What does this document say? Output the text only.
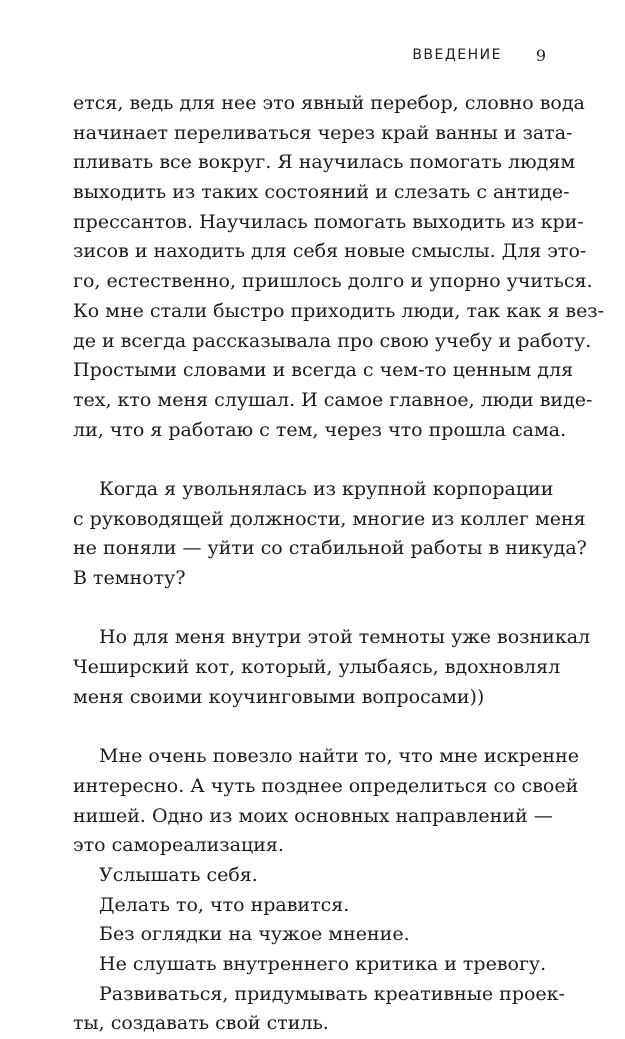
ВВЕДЕНИЕ 9
ется, ведь для нее это явный перебор, словно вода
начинает переливаться через край ванны и зата-
пливать все вокруг. Я научилась помогать людям
выходить из таких состояний и слезать с антиде-
прессантов. Научилась помогать выходить из кри-
зисов и находить для себя новые смыслы. Для это-
го, естественно, пришлось долго и упорно учиться.
Ко мне стали быстро приходить люди, так как я вез-
де и всегда рассказывала про свою учебу и работу.
Простыми словами и всегда с чем-то ценным для
тех, кто меня слушал. И самое главное, люди виде-
ли, что я работаю с тем, через что прошла сама.
Когда я увольнялась из крупной корпорации
с руководящей должности, многие из коллег меня
не поняли — уйти со стабильной работы в никуда?
В темноту?
Но для меня внутри этой темноты уже возникал
Чеширский кот, который, улыбаясь, вдохновлял
меня своими коучинговыми вопросами))
Мне очень повезло найти то, что мне искренне
интересно. А чуть позднее определиться со своей
нишей. Одно из моих основных направлений —
это самореализация.
Услышать себя.
Делать то, что нравится.
Без оглядки на чужое мнение.
Не слушать внутреннего критика и тревогу.
Развиваться, придумывать креативные проек-
ты, создавать свой стиль.
